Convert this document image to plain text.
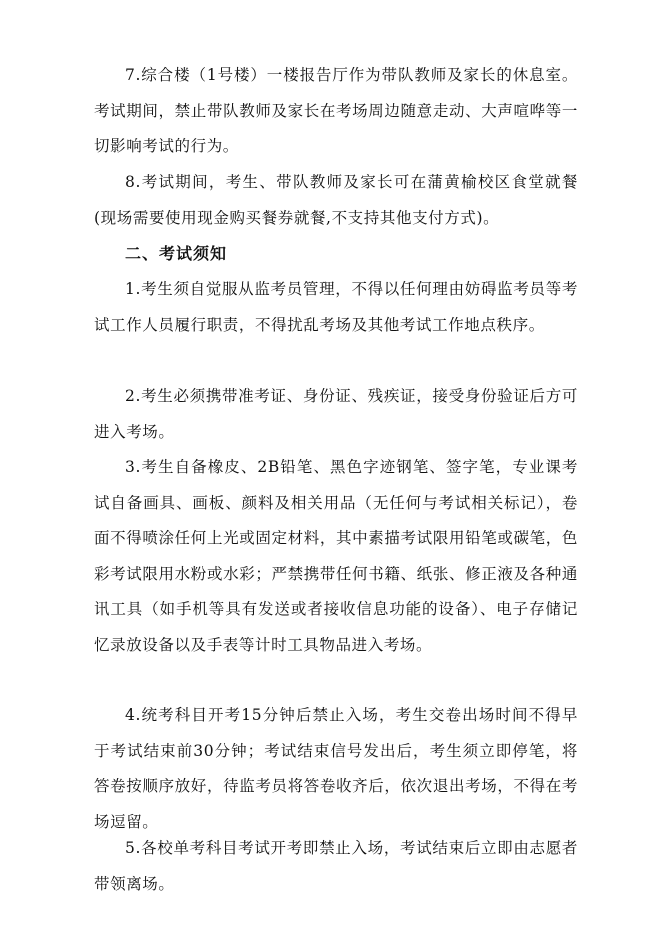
7.综合楼（1号楼）一楼报告厅作为带队教师及家长的休息室。考试期间，禁止带队教师及家长在考场周边随意走动、大声喧哗等一切影响考试的行为。

8.考试期间，考生、带队教师及家长可在蒲黄榆校区食堂就餐(现场需要使用现金购买餐券就餐,不支持其他支付方式)。

二、考试须知

1.考生须自觉服从监考员管理，不得以任何理由妨碍监考员等考试工作人员履行职责，不得扰乱考场及其他考试工作地点秩序。

2.考生必须携带准考证、身份证、残疾证，接受身份验证后方可进入考场。

3.考生自备橡皮、2B铅笔、黑色字迹钢笔、签字笔，专业课考试自备画具、画板、颜料及相关用品（无任何与考试相关标记），卷面不得喷涂任何上光或固定材料，其中素描考试限用铅笔或碳笔，色彩考试限用水粉或水彩；严禁携带任何书籍、纸张、修正液及各种通讯工具（如手机等具有发送或者接收信息功能的设备）、电子存储记忆录放设备以及手表等计时工具物品进入考场。

4.统考科目开考15分钟后禁止入场，考生交卷出场时间不得早于考试结束前30分钟；考试结束信号发出后，考生须立即停笔，将答卷按顺序放好，待监考员将答卷收齐后，依次退出考场，不得在考场逗留。

5.各校单考科目考试开考即禁止入场，考试结束后立即由志愿者带领离场。
